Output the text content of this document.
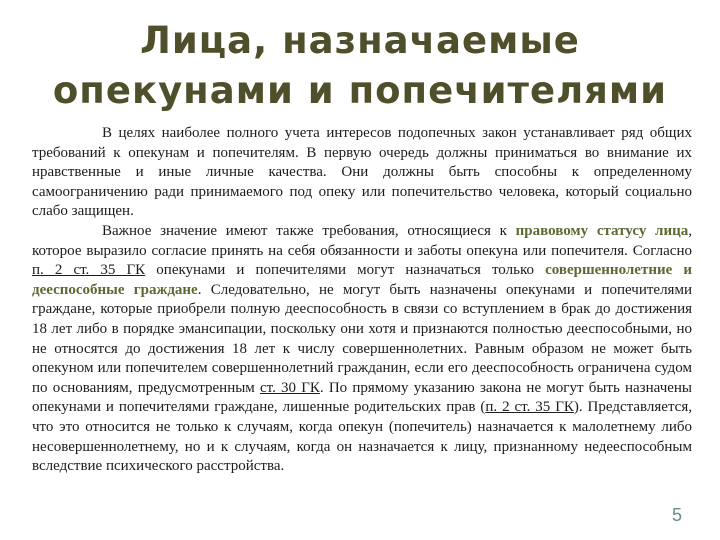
Лица, назначаемые
опекунами и попечителями

В целях наиболее полного учета интересов подопечных закон устанавливает ряд общих требований к опекунам и попечителям. В первую очередь должны приниматься во внимание их нравственные и иные личные качества. Они должны быть способны к определенному самоограничению ради принимаемого под опеку или попечительство человека, который социально слабо защищен.

Важное значение имеют также требования, относящиеся к правовому статусу лица, которое выразило согласие принять на себя обязанности и заботы опекуна или попечителя. Согласно п. 2 ст. 35 ГК опекунами и попечителями могут назначаться только совершеннолетние и дееспособные граждане. Следовательно, не могут быть назначены опекунами и попечителями граждане, которые приобрели полную дееспособность в связи со вступлением в брак до достижения 18 лет либо в порядке эмансипации, поскольку они хотя и признаются полностью дееспособными, но не относятся до достижения 18 лет к числу совершеннолетних. Равным образом не может быть опекуном или попечителем совершеннолетний гражданин, если его дееспособность ограничена судом по основаниям, предусмотренным ст. 30 ГК. По прямому указанию закона не могут быть назначены опекунами и попечителями граждане, лишенные родительских прав (п. 2 ст. 35 ГК). Представляется, что это относится не только к случаям, когда опекун (попечитель) назначается к малолетнему либо несовершеннолетнему, но и к случаям, когда он назначается к лицу, признанному недееспособным вследствие психического расстройства.

5
